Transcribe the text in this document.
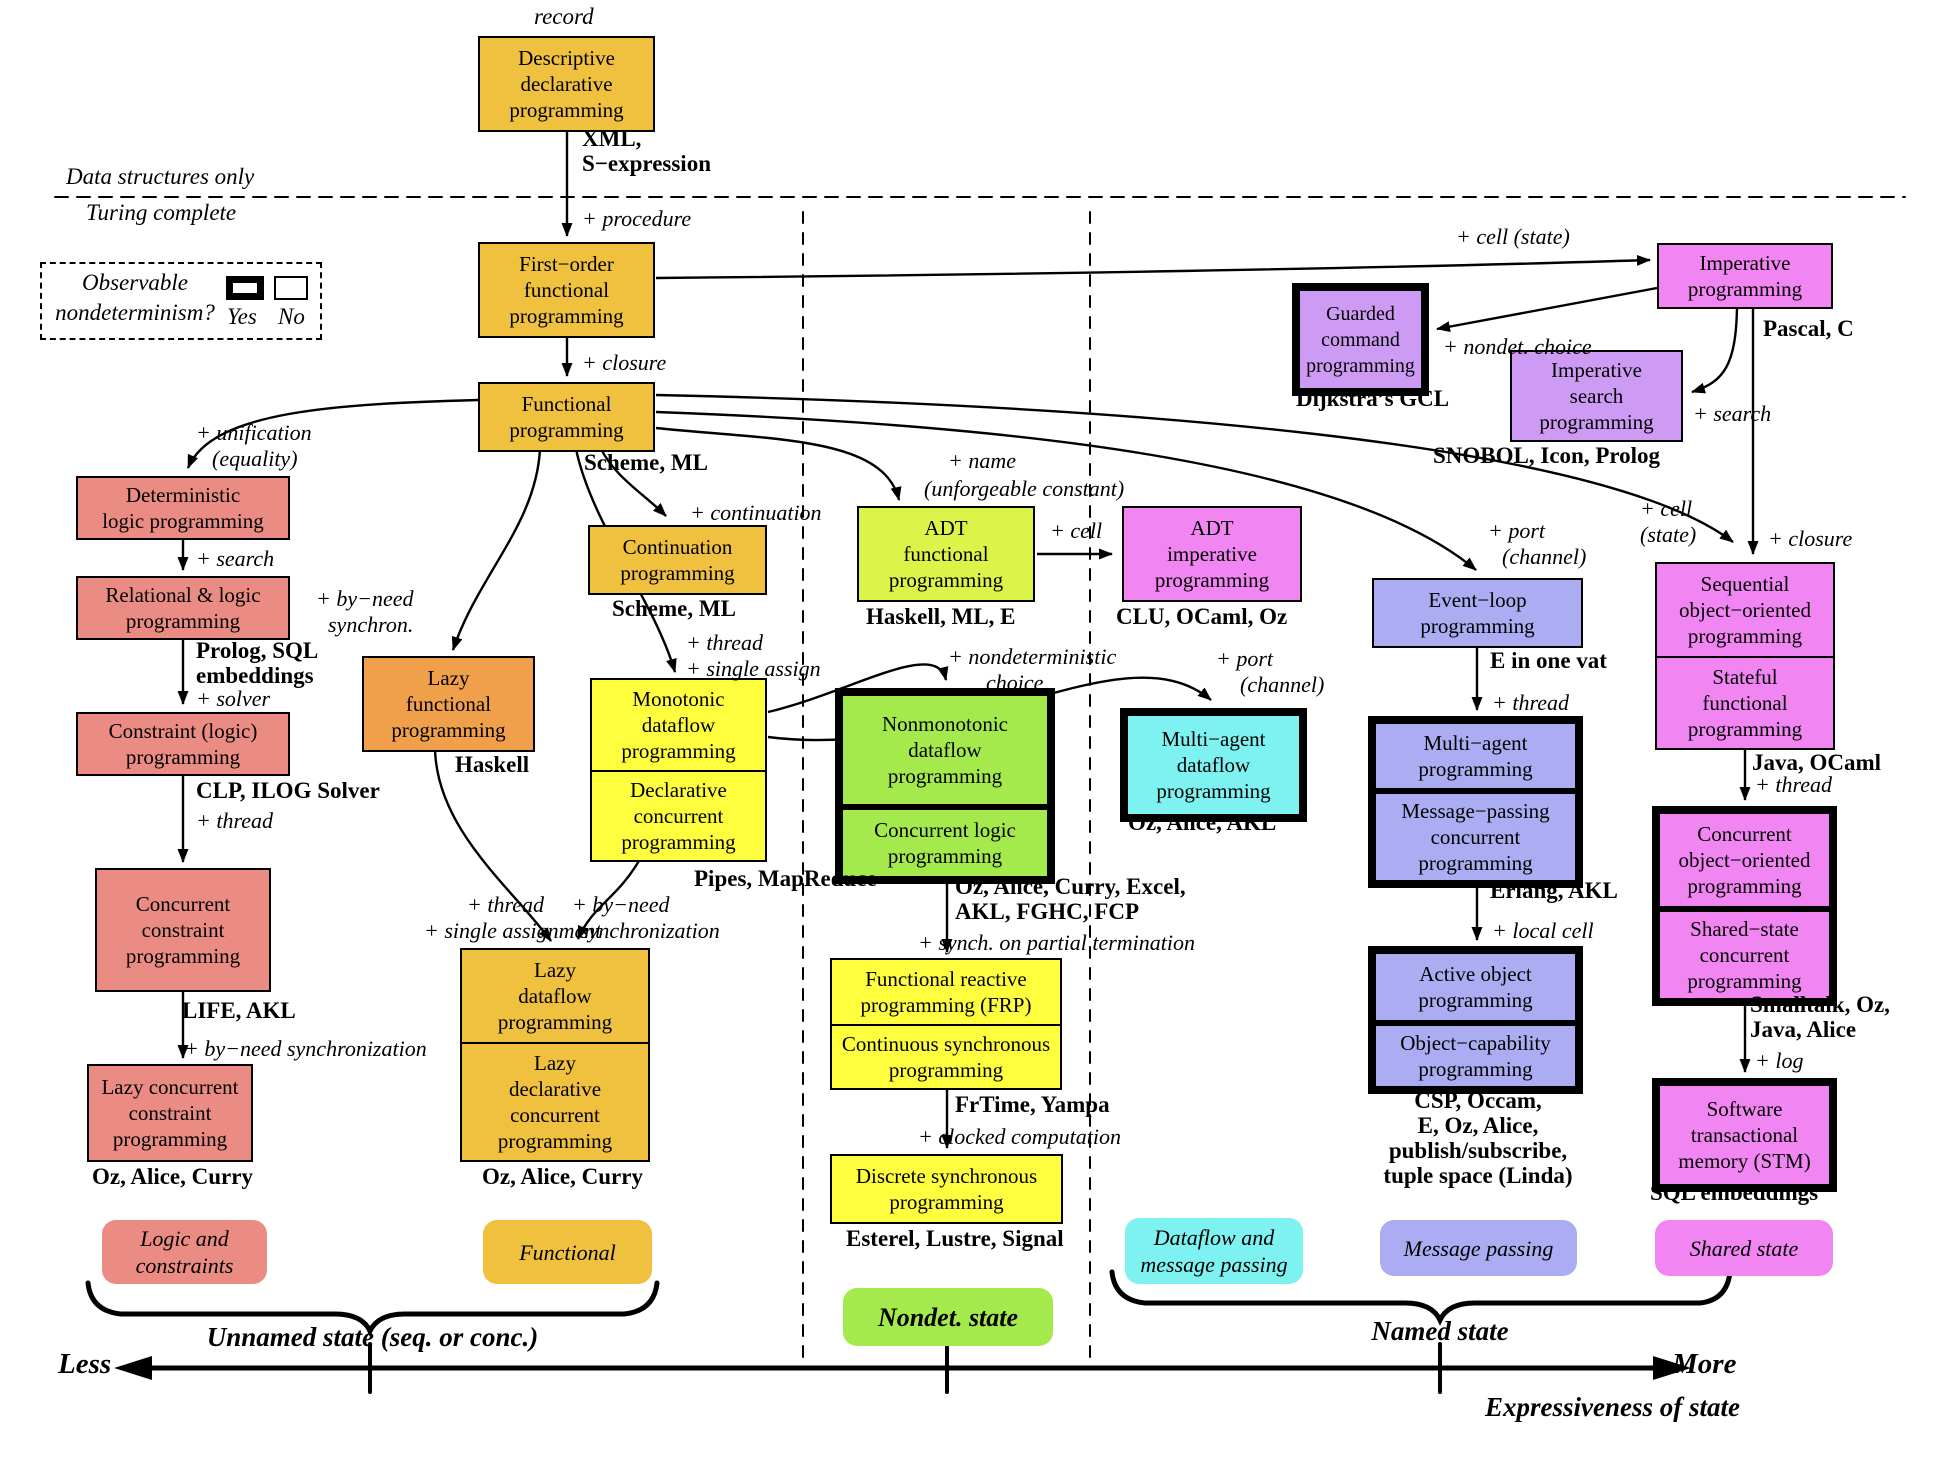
record
Data structures only
Turing complete
Observable
nondeterminism? Yes No
Unnamed state (seq. or conc.)	Named state
Less	More
Expressiveness of state
Descriptive
declarative
programming
First−order
functional
programming
Functional
programming
Continuation
programming
Deterministic
logic programming
Relational & logic
programming
Constraint (logic)
programming
Concurrent
constraint
programming
Lazy concurrent
constraint
programming
Lazy
functional
programming
Monotonic
dataflow
programming
Declarative
concurrent
programming
Lazy
dataflow
programming
Lazy
declarative
concurrent
programming
ADT
functional
programming
ADT
imperative
programming
Nonmonotonic
dataflow
programming
Concurrent logic
programming
Functional reactive
programming (FRP)
Continuous synchronous
programming
Discrete synchronous
programming
Multi−agent
dataflow
programming
Imperative
programming
Guarded
command
programming	Imperative
search
programming
Event−loop
programming
Multi−agent
programming
Message−passing
concurrent
programming
Active object
programming
Object−capability
programming
Sequential
object−oriented
programming
Stateful
functional
programming
Concurrent
object−oriented
programming
Shared−state
concurrent
programming
Software
transactional
memory (STM)
XML,
S−expression
Scheme, ML
Scheme, ML
Prolog, SQL
embeddings
CLP, ILOG Solver
LIFE, AKL
Oz, Alice, Curry
Haskell
Oz, Alice, Curry
Pipes, MapReduce
Haskell, ML, E	CLU, OCaml, Oz
Oz, Alice, Curry, Excel,
AKL, FGHC, FCP
FrTime, Yampa
Esterel, Lustre, Signal
Oz, Alice, AKL
Pascal, C
Dijkstra’s GCL
SNOBOL, Icon, Prolog
E in one vat
Erlang, AKL
CSP, Occam,
E, Oz, Alice,
publish/subscribe,
tuple space (Linda)
Java, OCaml
Smalltalk, Oz,
Java, Alice
SQL embeddings
+ procedure
+ closure
+ unification
(equality)
+ search
+ solver
+ thread
+ by−need synchronization
+ by−need
synchron.
+ continuation
+ thread
+ single assign
+ thread
+ single assignment
+ by−need
synchronization
+ name
(unforgeable constant)
+ cell
+ nondeterministic
choice
+ port
(channel)
+ cell (state)
+ nondet. choice
+ search
+ port
(channel)
+ cell
(state)	+ closure
+ thread
+ local cell
+ thread
+ log
+ synch. on partial termination
+ clocked computation
Logic and
constraints
Functional
Nondet. state
Dataflow and
message passing
Message passing	Shared state
